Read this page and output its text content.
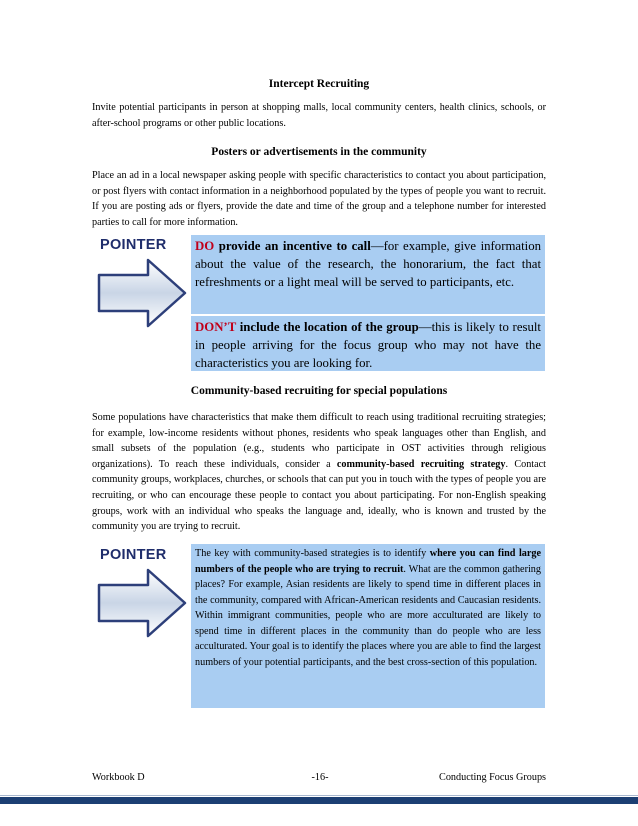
Intercept Recruiting
Invite potential participants in person at shopping malls, local community centers, health clinics, schools, or after-school programs or other public locations.
Posters or advertisements in the community
Place an ad in a local newspaper asking people with specific characteristics to contact you about participation, or post flyers with contact information in a neighborhood populated by the types of people you want to recruit. If you are posting ads or flyers, provide the date and time of the group and a telephone number for interested parties to call for more information.
POINTER	DO provide an incentive to call—for example, give information about the value of the research, the honorarium, the fact that refreshments or a light meal will be served to participants, etc.
DON’T include the location of the group—this is likely to result in people arriving for the focus group who may not have the characteristics you are looking for.
Community-based recruiting for special populations
Some populations have characteristics that make them difficult to reach using traditional recruiting strategies; for example, low-income residents without phones, residents who speak languages other than English, and small subsets of the population (e.g., students who participate in OST activities through religious organizations). To reach these individuals, consider a community-based recruiting strategy. Contact community groups, workplaces, churches, or schools that can put you in touch with the types of people you are recruiting, or who can encourage these people to contact you about participating. For non-English speaking groups, work with an individual who speaks the language and, ideally, who is known and trusted by the community you are trying to recruit.
POINTER	The key with community-based strategies is to identify where you can find large numbers of the people who are trying to recruit. What are the common gathering places? For example, Asian residents are likely to spend time in different places in the community, compared with African-American residents and Caucasian residents. Within immigrant communities, people who are more acculturated are likely to spend time in different places in the community than do people who are less acculturated. Your goal is to identify the places where you are able to find the largest numbers of your potential participants, and the best cross-section of this population.
Workbook D	-16-	Conducting Focus Groups
